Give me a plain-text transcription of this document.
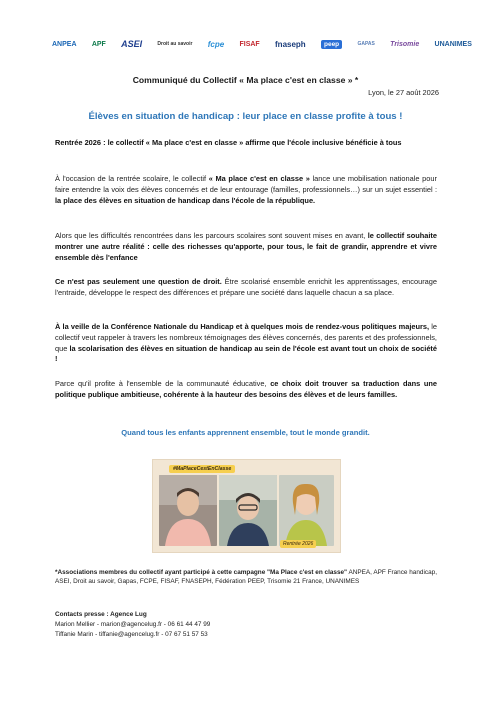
ANPEA APF ASEI	Droit au savoir fcpe FISAF fnaseph	peep	GAPAS Trisomie UNANIMES
Communiqué du Collectif « Ma place c'est en classe » *
Lyon, le 27 août 2026
Élèves en situation de handicap : leur place en classe profite à tous !
Rentrée 2026 : le collectif « Ma place c'est en classe » affirme que l'école inclusive bénéficie à tous
À l'occasion de la rentrée scolaire, le collectif « Ma place c'est en classe » lance une mobilisation nationale pour faire entendre la voix des élèves concernés et de leur entourage (familles, professionnels…) sur un sujet essentiel : la place des élèves en situation de handicap dans l'école de la république.
Alors que les difficultés rencontrées dans les parcours scolaires sont souvent mises en avant, le collectif souhaite montrer une autre réalité : celle des richesses qu'apporte, pour tous, le fait de grandir, apprendre et vivre ensemble dès l'enfance
Ce n'est pas seulement une question de droit. Être scolarisé ensemble enrichit les apprentissages, encourage l'entraide, développe le respect des différences et prépare une société dans laquelle chacun a sa place.
À la veille de la Conférence Nationale du Handicap et à quelques mois de rendez-vous politiques majeurs, le collectif veut rappeler à travers les nombreux témoignages des élèves concernés, des parents et des professionnels, que la scolarisation des élèves en situation de handicap au sein de l'école est avant tout un choix de société !
Parce qu'il profite à l'ensemble de la communauté éducative, ce choix doit trouver sa traduction dans une politique publique ambitieuse, cohérente à la hauteur des besoins des élèves et de leurs familles.
Quand tous les enfants apprennent ensemble, tout le monde grandit.
#MaPlaceCestEnClasse
Rentrée 2026
*Associations membres du collectif ayant participé à cette campagne "Ma Place c'est en classe" ANPEA, APF France handicap, ASEI, Droit au savoir, Gapas, FCPE, FISAF, FNASEPH, Fédération PEEP, Trisomie 21 France, UNANIMES
Contacts presse : Agence Lug
Marion Mellier - marion@agencelug.fr - 06 61 44 47 99
Tiffanie Marin - tiffanie@agencelug.fr - 07 67 51 57 53
